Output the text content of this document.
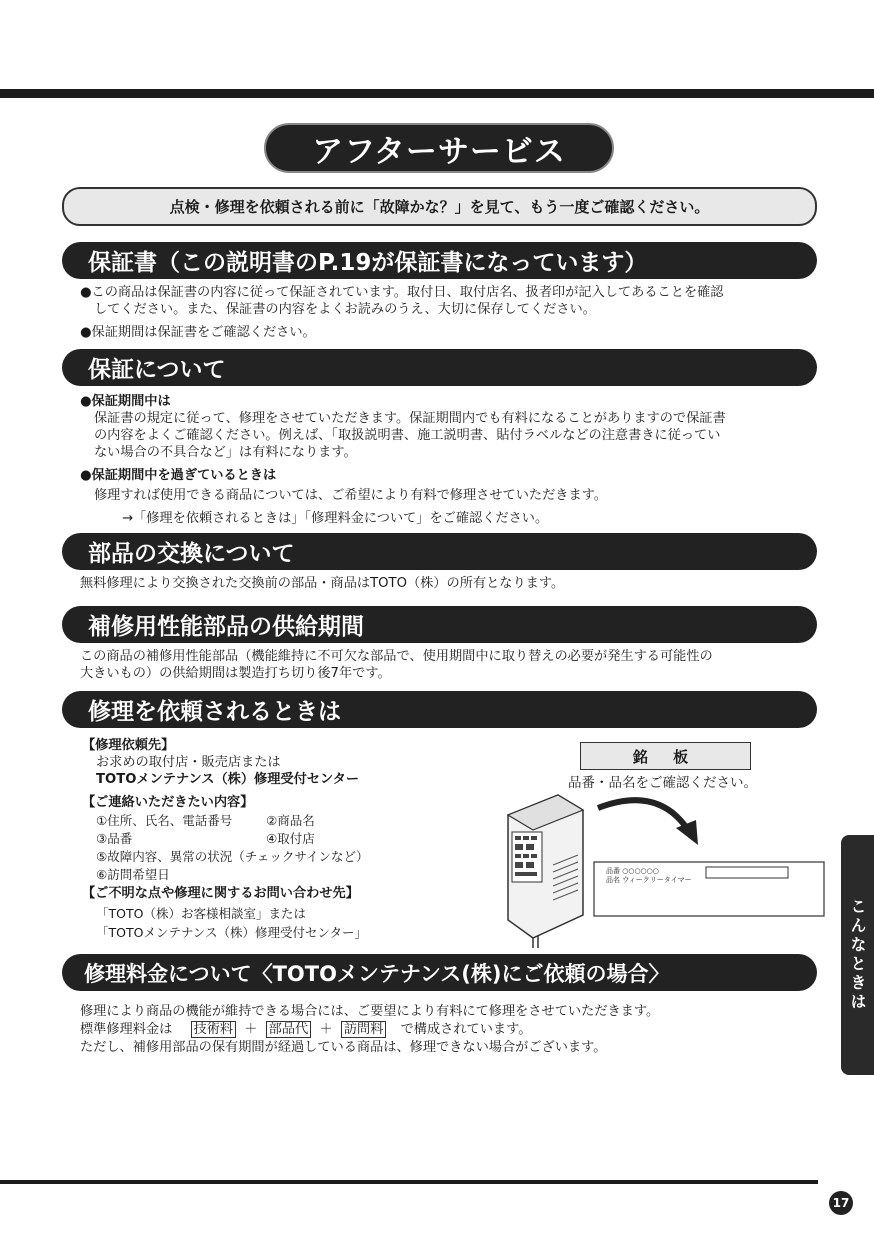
アフターサービス
点検・修理を依頼される前に「故障かな？」を見て、もう一度ご確認ください。
保証書（この説明書のP.19が保証書になっています）
●この商品は保証書の内容に従って保証されています。取付日、取付店名、扱者印が記入してあることを確認
してください。また、保証書の内容をよくお読みのうえ、大切に保存してください。
●保証期間は保証書をご確認ください。
保証について
●保証期間中は
保証書の規定に従って、修理をさせていただきます。保証期間内でも有料になることがありますので保証書
の内容をよくご確認ください。例えば、「取扱説明書、施工説明書、貼付ラベルなどの注意書きに従ってい
ない場合の不具合など」は有料になります。
●保証期間中を過ぎているときは
修理すれば使用できる商品については、ご希望により有料で修理させていただきます。
→「修理を依頼されるときは」「修理料金について」をご確認ください。
部品の交換について
無料修理により交換された交換前の部品・商品はTOTO（株）の所有となります。
補修用性能部品の供給期間
この商品の補修用性能部品（機能維持に不可欠な部品で、使用期間中に取り替えの必要が発生する可能性の
大きいもの）の供給期間は製造打ち切り後7年です。
修理を依頼されるときは
【修理依頼先】
お求めの取付店・販売店または
TOTOメンテナンス（株）修理受付センター
【ご連絡いただきたい内容】
①住所、氏名、電話番号	②商品名
③品番	④取付店
⑤故障内容、異常の状況（チェックサインなど）
⑥訪問希望日
【ご不明な点や修理に関するお問い合わせ先】
「TOTO（株）お客様相談室」または
「TOTOメンテナンス（株）修理受付センター」
銘 板
品番・品名をご確認ください。
品番 ○○○○○○
品名 ウィークリータイマー
修理料金について〈TOTOメンテナンス(株)にご依頼の場合〉
修理により商品の機能が維持できる場合には、ご要望により有料にて修理をさせていただきます。
標準修理料金は 技術料 ＋ 部品代 ＋ 訪問料 で構成されています。
ただし、補修用部品の保有期間が経過している商品は、修理できない場合がございます。
こんなときは
17
